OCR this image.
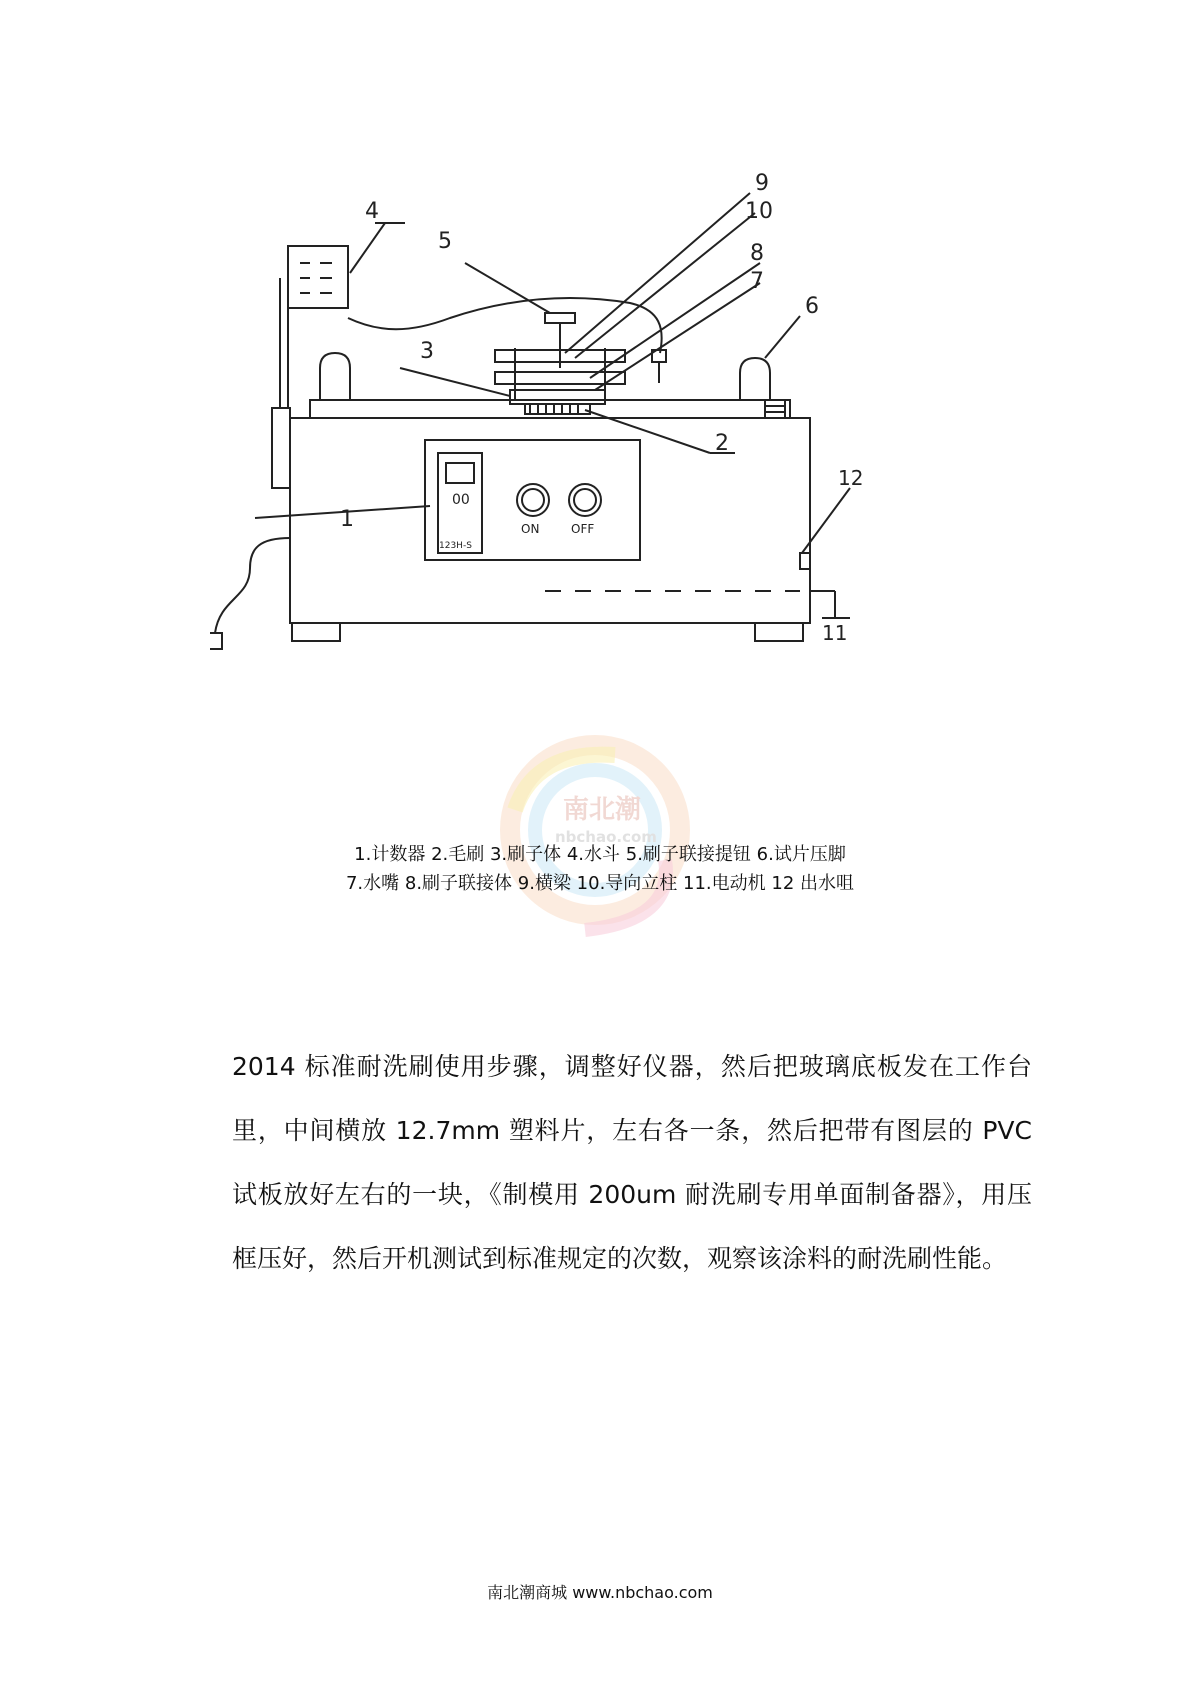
00
123H-S
ON	OFF
1
2
3
4
5
6
7
8
9
10
11
12
南北潮
nbchao.com
1.计数器 2.毛刷 3.刷子体 4.水斗 5.刷子联接提钮 6.试片压脚
7.水嘴 8.刷子联接体 9.横梁 10.导向立柱 11.电动机 12 出水咀
2014 标准耐洗刷使用步骤，调整好仪器，然后把玻璃底板发在工作台里，中间横放 12.7mm 塑料片，左右各一条，然后把带有图层的 PVC 试板放好左右的一块，《制模用 200um 耐洗刷专用单面制备器》，用压框压好，然后开机测试到标准规定的次数，观察该涂料的耐洗刷性能。
南北潮商城 www.nbchao.com
